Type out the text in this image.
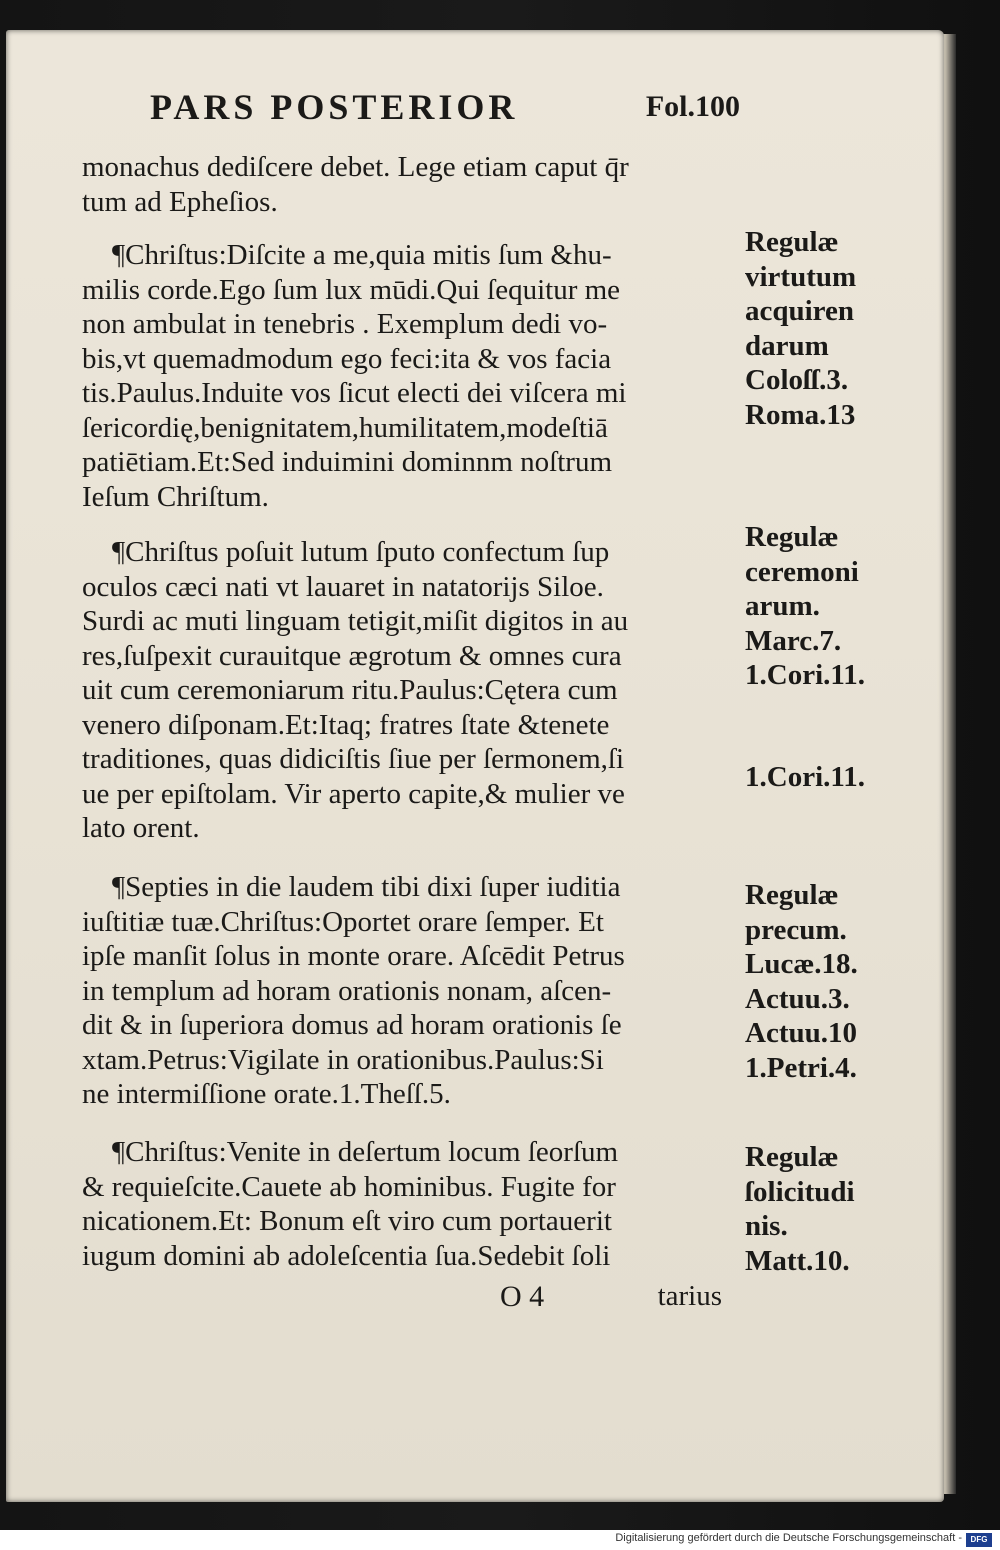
PARS POSTERIOR	Fol.100
monachus dediſcere debet. Lege etiam caput q̄r
tum ad Epheſios.
¶Chriſtus:Diſcite a me,quia mitis ſum &hu-
milis corde.Ego ſum lux mūdi.Qui ſequitur me
non ambulat in tenebris . Exemplum dedi vo-
bis,vt quemadmodum ego feci:ita & vos facia
tis.Paulus.Induite vos ſicut electi dei viſcera mi
ſericordię,benignitatem,humilitatem,modeſtiā
patiētiam.Et:Sed induimini dominnm noſtrum
Ieſum Chriſtum.
¶Chriſtus poſuit lutum ſputo confectum ſup
oculos cæci nati vt lauaret in natatorijs Siloe.
Surdi ac muti linguam tetigit,miſit digitos in au
res,ſuſpexit curauitque ægrotum & omnes cura
uit cum ceremoniarum ritu.Paulus:Cętera cum
venero diſponam.Et:Itaq; fratres ſtate &tenete
traditiones, quas didiciſtis ſiue per ſermonem,ſi
ue per epiſtolam. Vir aperto capite,& mulier ve
lato orent.
¶Septies in die laudem tibi dixi ſuper iuditia
iuſtitiæ tuæ.Chriſtus:Oportet orare ſemper. Et
ipſe manſit ſolus in monte orare. Aſcēdit Petrus
in templum ad horam orationis nonam, aſcen-
dit & in ſuperiora domus ad horam orationis ſe
xtam.Petrus:Vigilate in orationibus.Paulus:Si
ne intermiſſione orate.1.Theſſ.5.
¶Chriſtus:Venite in deſertum locum ſeorſum
& requieſcite.Cauete ab hominibus. Fugite for
nicationem.Et: Bonum eſt viro cum portauerit
iugum domini ab adoleſcentia ſua.Sedebit ſoli
Regulæ
virtutum
acquiren
darum
Coloſſ.3.
Roma.13
Regulæ
ceremoni
arum.
Marc.7.
1.Cori.11.
1.Cori.11.
Regulæ
precum.
Lucæ.18.
Actuu.3.
Actuu.10
1.Petri.4.
Regulæ
ſolicitudi
nis.
Matt.10.
O 4	tarius
Digitalisierung gefördert durch die Deutsche Forschungsgemeinschaft -	DFG
